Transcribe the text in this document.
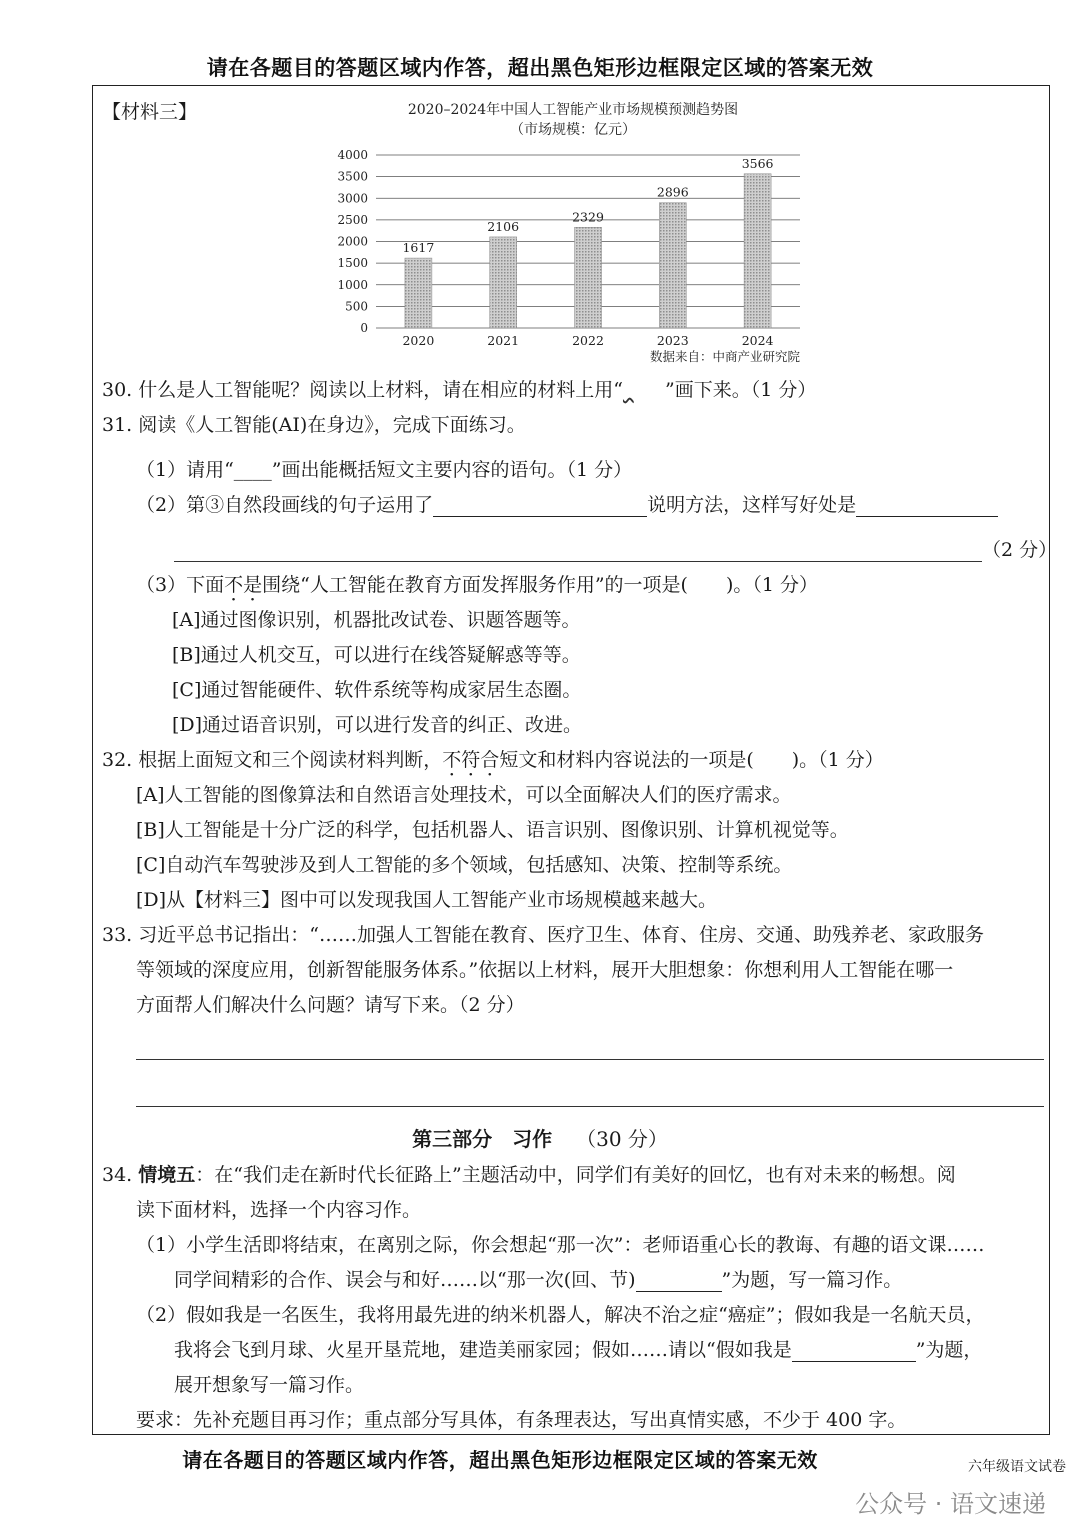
请在各题目的答题区域内作答，超出黑色矩形边框限定区域的答案无效
【材料三】	2020–2024年中国人工智能产业市场规模预测趋势图
（市场规模：亿元）
0
500
1000
1500
2000
2500
3000
3500
4000
1617
2106
2329
2896
3566
2020	2021	2022	2023	2024
数据来自：中商产业研究院
30. 什么是人工智能呢？阅读以上材料，请在相应的材料上用“ ”画下来。（1 分）
31. 阅读《人工智能(AI)在身边》，完成下面练习。
（1）请用“____”画出能概括短文主要内容的语句。（1 分）
（2）第③自然段画线的句子运用了	说明方法，这样写好处是
（2 分）
（3）下面不是围绕“人工智能在教育方面发挥服务作用”的一项是(　　)。（1 分）
[A]通过图像识别，机器批改试卷、识题答题等。
[B]通过人机交互，可以进行在线答疑解惑等等。
[C]通过智能硬件、软件系统等构成家居生态圈。
[D]通过语音识别，可以进行发音的纠正、改进。
32. 根据上面短文和三个阅读材料判断，不符合短文和材料内容说法的一项是(　　)。（1 分）
[A]人工智能的图像算法和自然语言处理技术，可以全面解决人们的医疗需求。
[B]人工智能是十分广泛的科学，包括机器人、语言识别、图像识别、计算机视觉等。
[C]自动汽车驾驶涉及到人工智能的多个领域，包括感知、决策、控制等系统。
[D]从【材料三】图中可以发现我国人工智能产业市场规模越来越大。
33. 习近平总书记指出：“……加强人工智能在教育、医疗卫生、体育、住房、交通、助残养老、家政服务
等领域的深度应用，创新智能服务体系。”依据以上材料，展开大胆想象：你想利用人工智能在哪一
方面帮人们解决什么问题？请写下来。（2 分）
第三部分　习作 （30 分）
34. 情境五：在“我们走在新时代长征路上”主题活动中，同学们有美好的回忆，也有对未来的畅想。阅
读下面材料，选择一个内容习作。
（1）小学生活即将结束，在离别之际，你会想起“那一次”：老师语重心长的教诲、有趣的语文课……
同学间精彩的合作、误会与和好……以“那一次(回、节)	”为题，写一篇习作。
（2）假如我是一名医生，我将用最先进的纳米机器人，解决不治之症“癌症”；假如我是一名航天员，
我将会飞到月球、火星开垦荒地，建造美丽家园；假如……请以“假如我是	”为题，
展开想象写一篇习作。
要求：先补充题目再习作；重点部分写具体，有条理表达，写出真情实感，不少于 400 字。
请在各题目的答题区域内作答，超出黑色矩形边框限定区域的答案无效	六年级语文试卷
公众号 · 语文速递
